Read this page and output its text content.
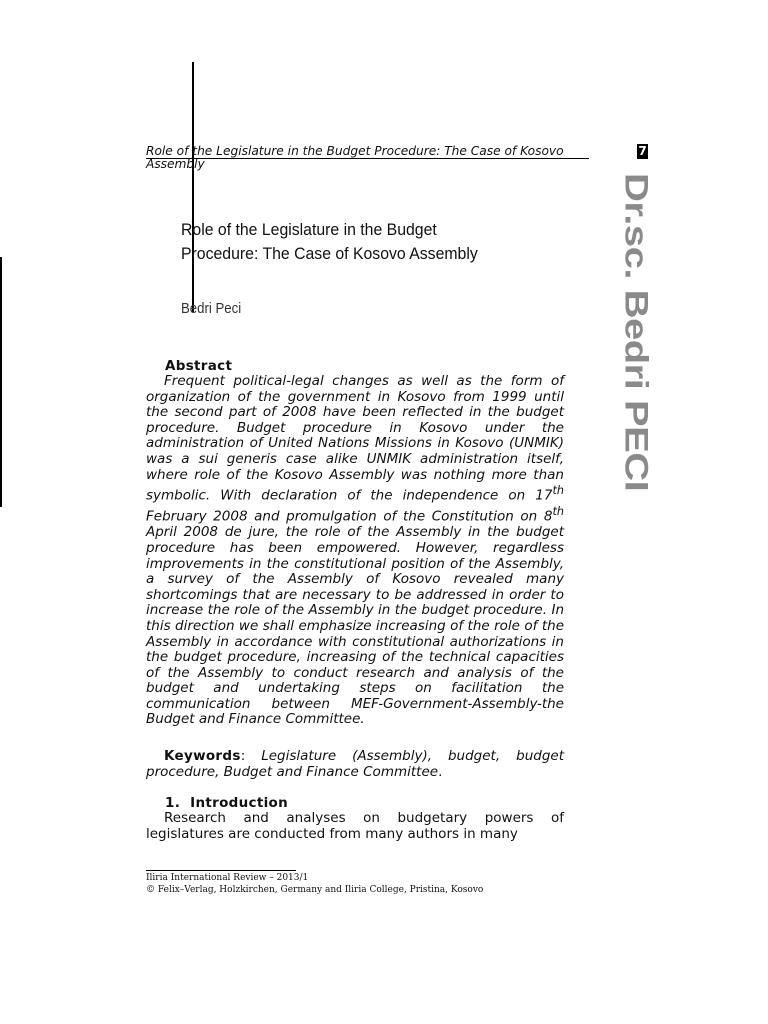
Role of the Legislature in the Budget Procedure: The Case of Kosovo
Assembly
7
Dr.sc. Bedri PECI
Role of the Legislature in the Budget
Procedure: The Case of Kosovo Assembly
Bedri Peci
Abstract
Frequent political-legal changes as well as the form of organization of the government in Kosovo from 1999 until the second part of 2008 have been reflected in the budget procedure. Budget procedure in Kosovo under the administration of United Nations Missions in Kosovo (UNMIK) was a sui generis case alike UNMIK administration itself, where role of the Kosovo Assembly was nothing more than symbolic. With declaration of the independence on 17th February 2008 and promulgation of the Constitution on 8th April 2008 de jure, the role of the Assembly in the budget procedure has been empowered. However, regardless improvements in the constitutional position of the Assembly, a survey of the Assembly of Kosovo revealed many shortcomings that are necessary to be addressed in order to increase the role of the Assembly in the budget procedure. In this direction we shall emphasize increasing of the role of the Assembly in accordance with constitutional authorizations in the budget procedure, increasing of the technical capacities of the Assembly to conduct research and analysis of the budget and undertaking steps on facilitation the communication between MEF-Government-Assembly-the Budget and Finance Committee.
Keywords: Legislature (Assembly), budget, budget procedure, Budget and Finance Committee.
1. Introduction
Research and analyses on budgetary powers of legislatures are conducted from many authors in many
Iliria International Review – 2013/1
© Felix–Verlag, Holzkirchen, Germany and Iliria College, Pristina, Kosovo
